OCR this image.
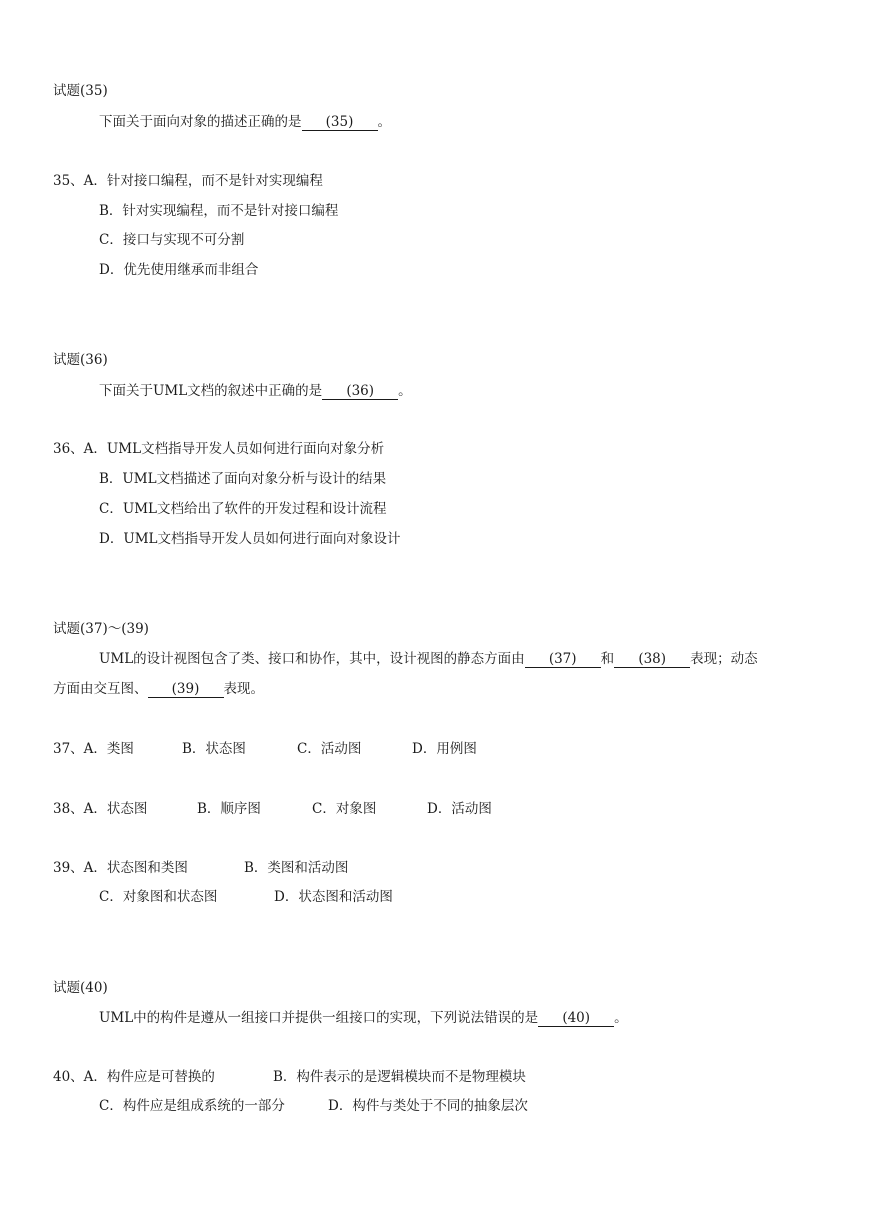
试题(35)
下面关于面向对象的描述正确的是 (35) 。
35、A．针对接口编程，而不是针对实现编程
B．针对实现编程，而不是针对接口编程
C．接口与实现不可分割
D．优先使用继承而非组合
试题(36)
下面关于UML文档的叙述中正确的是 (36) 。
36、A．UML文档指导开发人员如何进行面向对象分析
B．UML文档描述了面向对象分析与设计的结果
C．UML文档给出了软件的开发过程和设计流程
D．UML文档指导开发人员如何进行面向对象设计
试题(37)～(39)
UML的设计视图包含了类、接口和协作，其中，设计视图的静态方面由 (37) 和 (38) 表现；动态
方面由交互图、 (39) 表现。
37、A．类图	B．状态图	C．活动图	D．用例图
38、A．状态图	B．顺序图	C．对象图	D．活动图
39、A．状态图和类图	B．类图和活动图
C．对象图和状态图	D．状态图和活动图
试题(40)
UML中的构件是遵从一组接口并提供一组接口的实现，下列说法错误的是 (40) 。
40、A．构件应是可替换的	B．构件表示的是逻辑模块而不是物理模块
C．构件应是组成系统的一部分	D．构件与类处于不同的抽象层次
